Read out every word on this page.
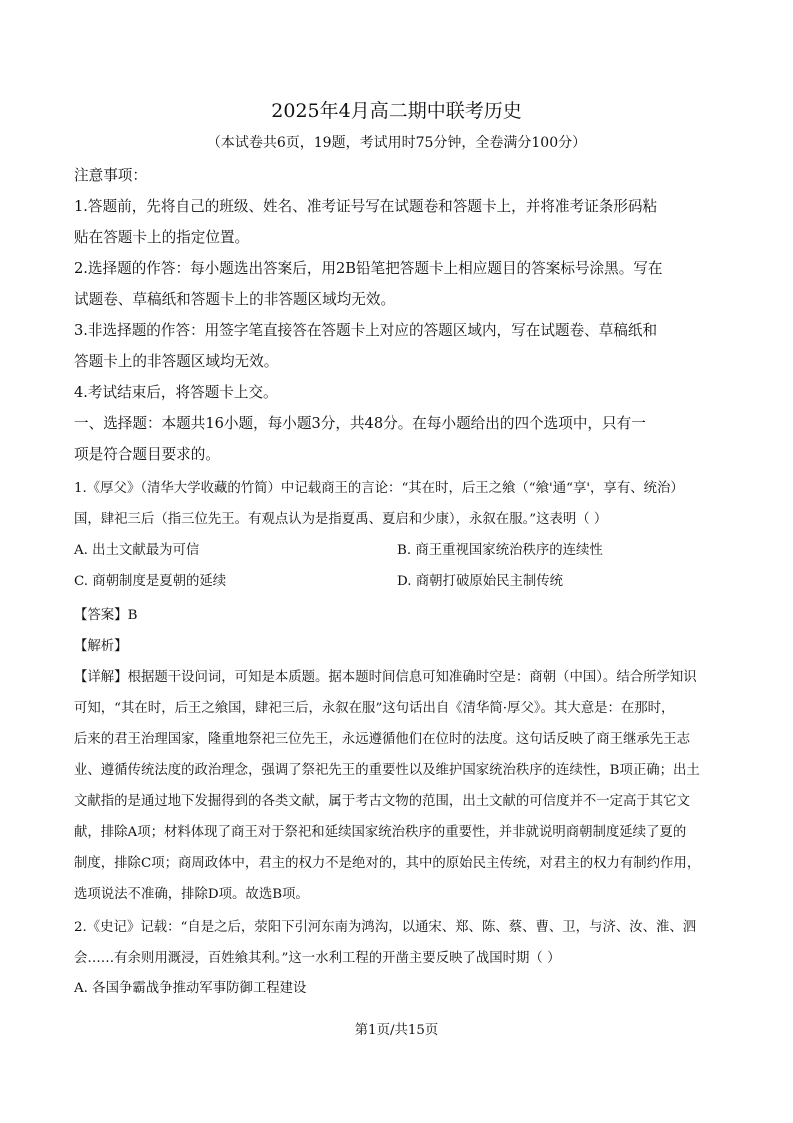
2025年4月高二期中联考历史
（本试卷共6页，19题，考试用时75分钟，全卷满分100分）
注意事项：
1.答题前，先将自己的班级、姓名、准考证号写在试题卷和答题卡上，并将准考证条形码粘
贴在答题卡上的指定位置。
2.选择题的作答：每小题选出答案后，用2B铅笔把答题卡上相应题目的答案标号涂黑。写在
试题卷、草稿纸和答题卡上的非答题区域均无效。
3.非选择题的作答：用签字笔直接答在答题卡上对应的答题区域内，写在试题卷、草稿纸和
答题卡上的非答题区域均无效。
4.考试结束后，将答题卡上交。
一、选择题：本题共16小题，每小题3分，共48分。在每小题给出的四个选项中，只有一
项是符合题目要求的。
1.《厚父》（清华大学收藏的竹简）中记载商王的言论：“其在时，后王之飨（“飨'通“享'，享有、统治）
国，肆祀三后（指三位先王。有观点认为是指夏禹、夏启和少康），永叙在服。”这表明（ ）
A. 出土文献最为可信	B. 商王重视国家统治秩序的连续性
C. 商朝制度是夏朝的延续	D. 商朝打破原始民主制传统
【答案】B
【解析】
【详解】根据题干设问词，可知是本质题。据本题时间信息可知准确时空是：商朝（中国）。结合所学知识
可知，“其在时，后王之飨国，肆祀三后，永叙在服”这句话出自《清华简·厚父》。其大意是：在那时，
后来的君王治理国家，隆重地祭祀三位先王，永远遵循他们在位时的法度。这句话反映了商王继承先王志
业、遵循传统法度的政治理念，强调了祭祀先王的重要性以及维护国家统治秩序的连续性，B项正确；出土
文献指的是通过地下发掘得到的各类文献，属于考古文物的范围，出土文献的可信度并不一定高于其它文
献，排除A项；材料体现了商王对于祭祀和延续国家统治秩序的重要性，并非就说明商朝制度延续了夏的
制度，排除C项；商周政体中，君主的权力不是绝对的，其中的原始民主传统，对君主的权力有制约作用，
选项说法不准确，排除D项。故选B项。
2.《史记》记载：“自是之后，荥阳下引河东南为鸿沟，以通宋、郑、陈、蔡、曹、卫，与济、汝、淮、泗
会……有余则用溉浸，百姓飨其利。”这一水利工程的开凿主要反映了战国时期（ ）
A. 各国争霸战争推动军事防御工程建设
第1页/共15页
